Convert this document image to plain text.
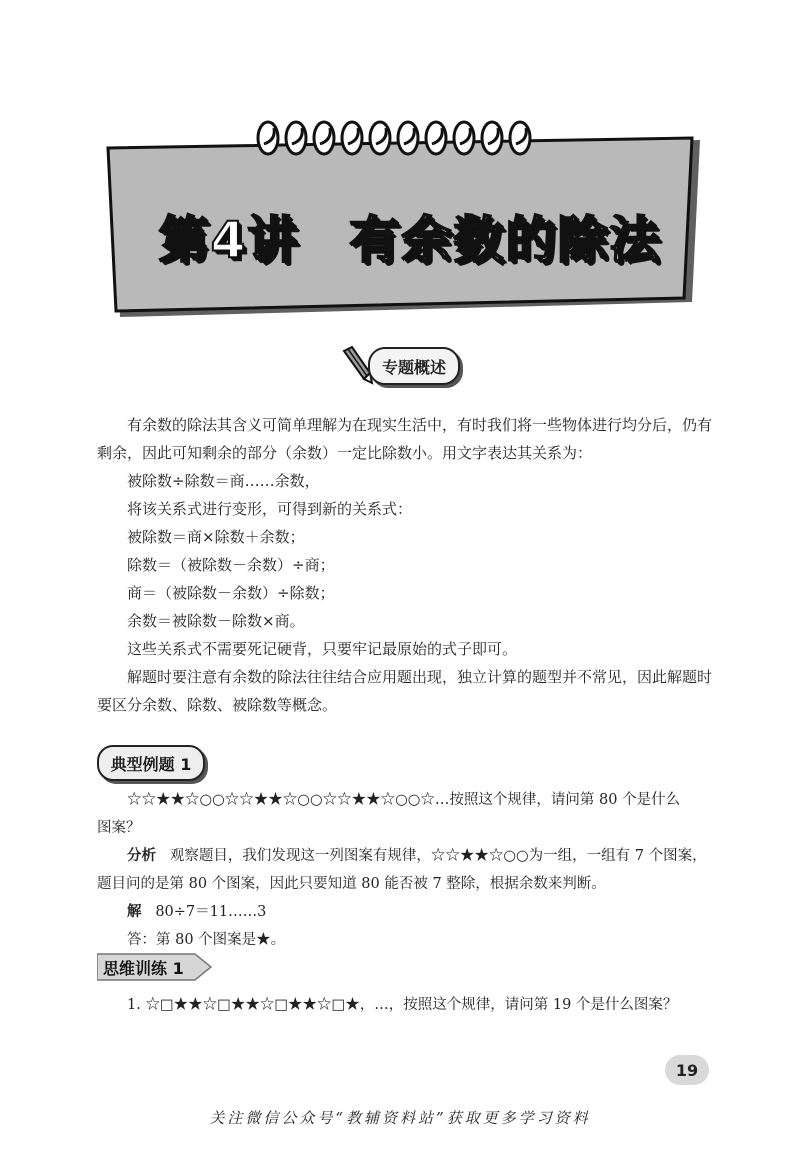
第4讲 有余数的除法
专题概述
有余数的除法其含义可简单理解为在现实生活中，有时我们将一些物体进行均分后，仍有
剩余，因此可知剩余的部分（余数）一定比除数小。用文字表达其关系为：
被除数÷除数＝商……余数，
将该关系式进行变形，可得到新的关系式：
被除数＝商×除数＋余数；
除数＝（被除数－余数）÷商；
商＝（被除数－余数）÷除数；
余数＝被除数－除数×商。
这些关系式不需要死记硬背，只要牢记最原始的式子即可。
解题时要注意有余数的除法往往结合应用题出现，独立计算的题型并不常见，因此解题时
要区分余数、除数、被除数等概念。
典型例题 1
☆☆★★☆○○☆☆★★☆○○☆☆★★☆○○☆…按照这个规律，请问第 80 个是什么
图案？
分析 观察题目，我们发现这一列图案有规律，☆☆★★☆○○为一组，一组有 7 个图案，
题目问的是第 80 个图案，因此只要知道 80 能否被 7 整除，根据余数来判断。
解 80÷7＝11……3
答：第 80 个图案是★。
思维训练 1
1. ☆□★★☆□★★☆□★★☆□★，…，按照这个规律，请问第 19 个是什么图案？
19
关注微信公众号“教辅资料站”获取更多学习资料
